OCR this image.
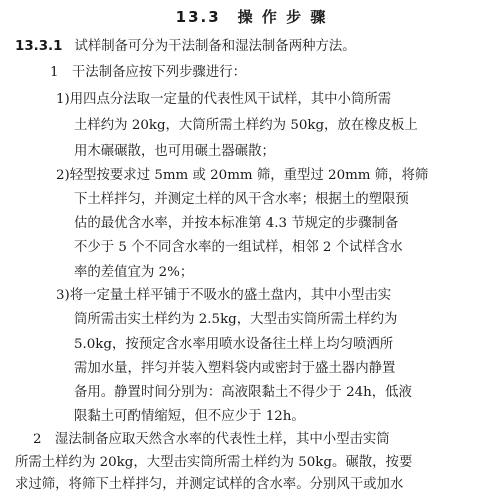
13.3　操 作 步 骤
13.3.1 试样制备可分为干法制备和湿法制备两种方法。
1　干法制备应按下列步骤进行：
1)用四点分法取一定量的代表性风干试样，其中小筒所需
土样约为 20kg，大筒所需土样约为 50kg，放在橡皮板上
用木碾碾散，也可用碾土器碾散；
2)轻型按要求过 5mm 或 20mm 筛，重型过 20mm 筛，将筛
下土样拌匀，并测定土样的风干含水率；根据土的塑限预
估的最优含水率，并按本标准第 4.3 节规定的步骤制备
不少于 5 个不同含水率的一组试样，相邻 2 个试样含水
率的差值宜为 2%；
3)将一定量土样平铺于不吸水的盛土盘内，其中小型击实
筒所需击实土样约为 2.5kg，大型击实筒所需土样约为
5.0kg，按预定含水率用喷水设备往土样上均匀喷洒所
需加水量，拌匀并装入塑料袋内或密封于盛土器内静置
备用。静置时间分别为：高液限黏土不得少于 24h，低液
限黏土可酌情缩短，但不应少于 12h。
2　湿法制备应取天然含水率的代表性土样，其中小型击实筒
所需土样约为 20kg，大型击实筒所需土样约为 50kg。碾散，按要
求过筛，将筛下土样拌匀，并测定试样的含水率。分别风干或加水
